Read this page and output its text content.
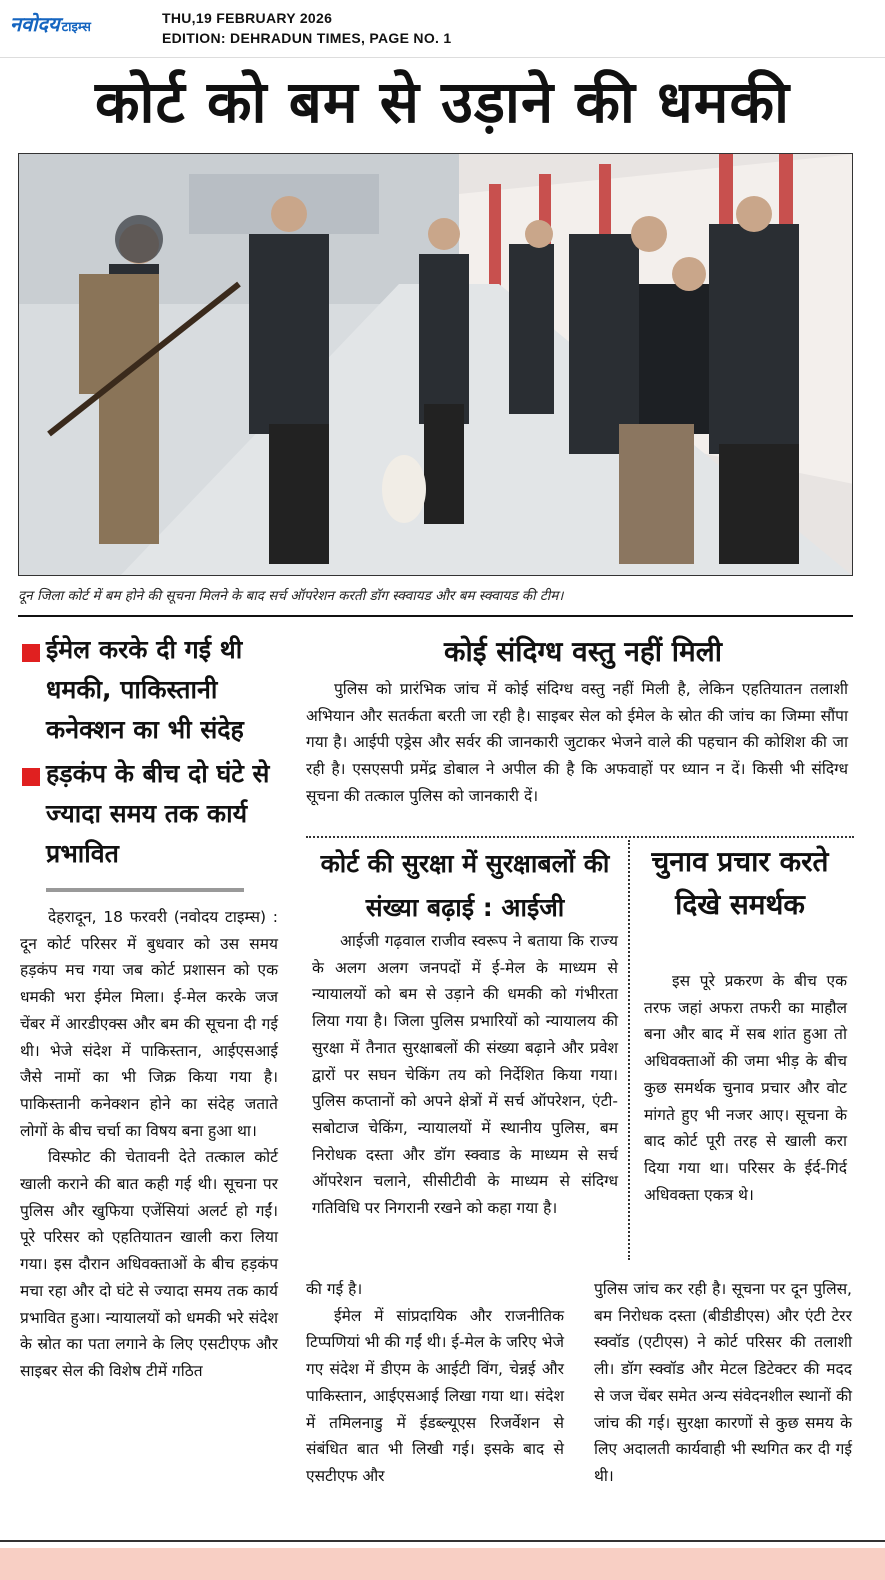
नवोदय टाइम्स
THU,19 FEBRUARY 2026
EDITION: DEHRADUN TIMES, PAGE NO. 1
कोर्ट को बम से उड़ाने की धमकी
दून जिला कोर्ट में बम होने की सूचना मिलने के बाद सर्च ऑपरेशन करती डॉग स्क्वायड और बम स्क्वायड की टीम।
ईमेल करके दी गई थी धमकी, पाकिस्तानी कनेक्शन का भी संदेह
हड़कंप के बीच दो घंटे से ज्यादा समय तक कार्य प्रभावित

देहरादून, 18 फरवरी (नवोदय टाइम्स) : दून कोर्ट परिसर में बुधवार को उस समय हड़कंप मच गया जब कोर्ट प्रशासन को एक धमकी भरा ईमेल मिला। ई-मेल करके जज चेंबर में आरडीएक्स और बम की सूचना दी गई थी। भेजे संदेश में पाकिस्तान, आईएसआई जैसे नामों का भी जिक्र किया गया है। पाकिस्तानी कनेक्शन होने का संदेह जताते लोगों के बीच चर्चा का विषय बना हुआ था।

विस्फोट की चेतावनी देते तत्काल कोर्ट खाली कराने की बात कही गई थी। सूचना पर पुलिस और खुफिया एजेंसियां अलर्ट हो गईं। पूरे परिसर को एहतियातन खाली करा लिया गया। इस दौरान अधिवक्ताओं के बीच हड़कंप मचा रहा और दो घंटे से ज्यादा समय तक कार्य प्रभावित हुआ। न्यायालयों को धमकी भरे संदेश के स्रोत का पता लगाने के लिए एसटीएफ और साइबर सेल की विशेष टीमें गठित

कोई संदिग्ध वस्तु नहीं मिली

पुलिस को प्रारंभिक जांच में कोई संदिग्ध वस्तु नहीं मिली है, लेकिन एहतियातन तलाशी अभियान और सतर्कता बरती जा रही है। साइबर सेल को ईमेल के स्रोत की जांच का जिम्मा सौंपा गया है। आईपी एड्रेस और सर्वर की जानकारी जुटाकर भेजने वाले की पहचान की कोशिश की जा रही है। एसएसपी प्रमेंद्र डोबाल ने अपील की है कि अफवाहों पर ध्यान न दें। किसी भी संदिग्ध सूचना की तत्काल पुलिस को जानकारी दें।

कोर्ट की सुरक्षा में सुरक्षाबलों की संख्या बढ़ाई : आईजी

आईजी गढ़वाल राजीव स्वरूप ने बताया कि राज्य के अलग अलग जनपदों में ई-मेल के माध्यम से न्यायालयों को बम से उड़ाने की धमकी को गंभीरता लिया गया है। जिला पुलिस प्रभारियों को न्यायालय की सुरक्षा में तैनात सुरक्षाबलों की संख्या बढ़ाने और प्रवेश द्वारों पर सघन चेकिंग तय को निर्देशित किया गया। पुलिस कप्तानों को अपने क्षेत्रों में सर्च ऑपरेशन, एंटी-सबोटाज चेकिंग, न्यायालयों में स्थानीय पुलिस, बम निरोधक दस्ता और डॉग स्क्वाड के माध्यम से सर्च ऑपरेशन चलाने, सीसीटीवी के माध्यम से संदिग्ध गतिविधि पर निगरानी रखने को कहा गया है।

चुनाव प्रचार करते दिखे समर्थक

इस पूरे प्रकरण के बीच एक तरफ जहां अफरा तफरी का माहौल बना और बाद में सब शांत हुआ तो अधिवक्ताओं की जमा भीड़ के बीच कुछ समर्थक चुनाव प्रचार और वोट मांगते हुए भी नजर आए। सूचना के बाद कोर्ट पूरी तरह से खाली करा दिया गया था। परिसर के ईर्द-गिर्द अधिवक्ता एकत्र थे।

की गई है।

ईमेल में सांप्रदायिक और राजनीतिक टिप्पणियां भी की गईं थी। ई-मेल के जरिए भेजे गए संदेश में डीएम के आईटी विंग, चेन्नई और पाकिस्तान, आईएसआई लिखा गया था। संदेश में तमिलनाडु में ईडब्ल्यूएस रिजर्वेशन से संबंधित बात भी लिखी गई। इसके बाद से एसटीएफ और

पुलिस जांच कर रही है। सूचना पर दून पुलिस, बम निरोधक दस्ता (बीडीडीएस) और एंटी टेरर स्क्वॉड (एटीएस) ने कोर्ट परिसर की तलाशी ली। डॉग स्क्वॉड और मेटल डिटेक्टर की मदद से जज चेंबर समेत अन्य संवेदनशील स्थानों की जांच की गई। सुरक्षा कारणों से कुछ समय के लिए अदालती कार्यवाही भी स्थगित कर दी गई थी।
